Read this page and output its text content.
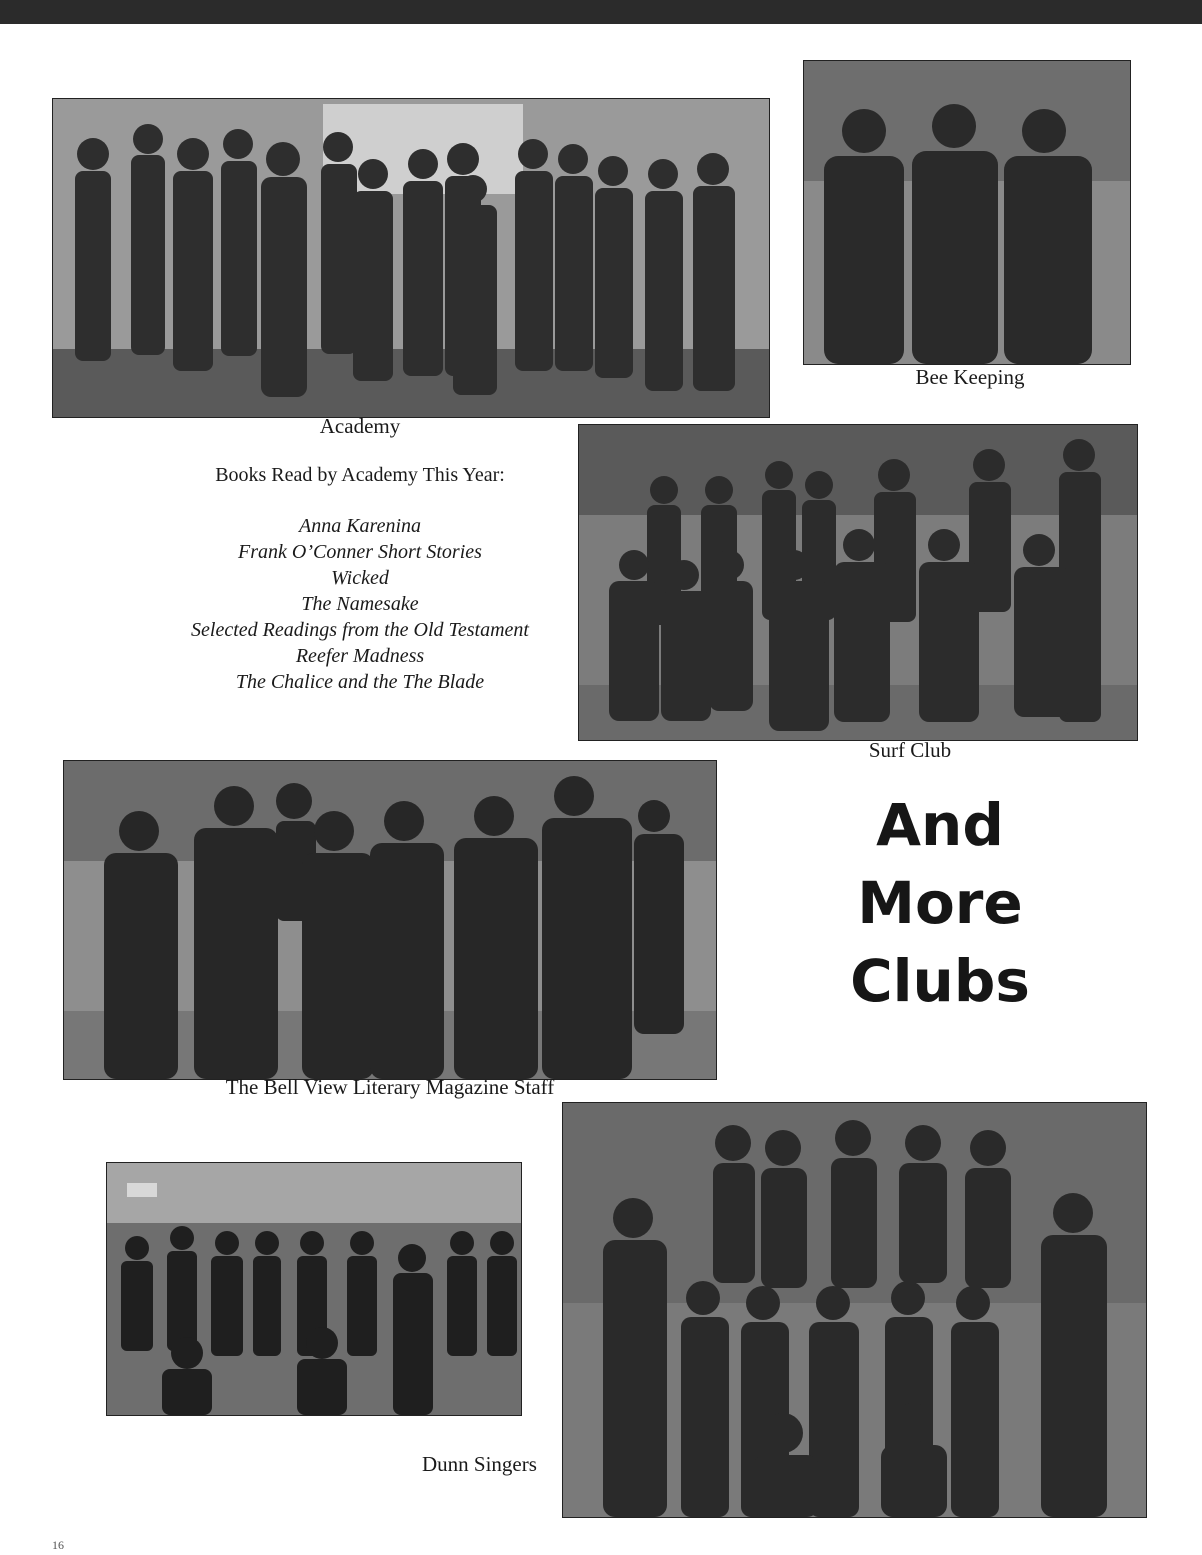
Academy
Bee Keeping
Books Read by Academy This Year:
Anna Karenina
Frank O’Conner Short Stories
Wicked
The Namesake
Selected Readings from the Old Testament
Reefer Madness
The Chalice and the The Blade
Surf Club
The Bell View Literary Magazine Staff
And
More
Clubs
Dunn Singers
16
